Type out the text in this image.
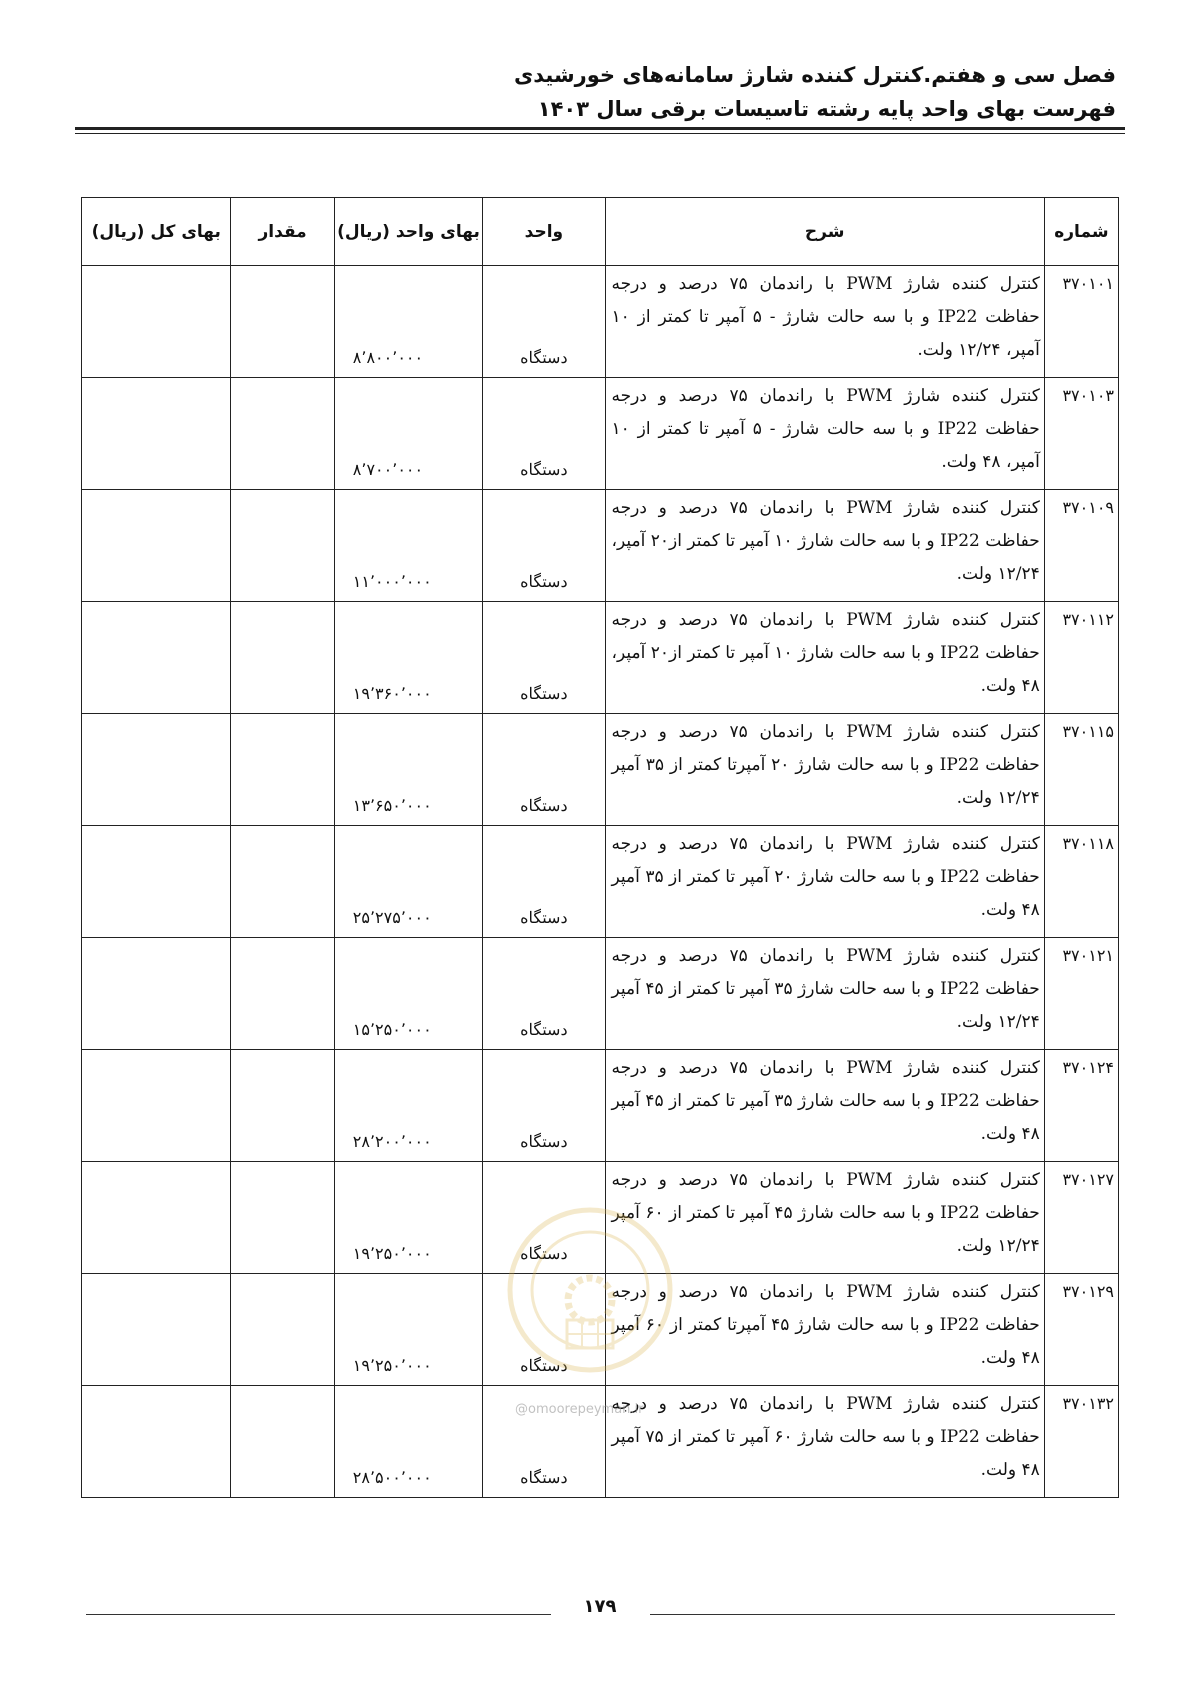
فصل سی و هفتم.کنترل کننده شارژ سامانه‌های خورشیدی
فهرست بهای واحد پایه رشته تاسیسات برقی سال ۱۴۰۳
شماره	شرح	واحد	بهای واحد (ریال)	مقدار	بهای کل (ریال)
۳۷۰۱۰۱	کنترل کننده شارژ PWM با راندمان ۷۵ درصد و درجه حفاظت IP22 و با سه حالت شارژ - ۵ آمپر تا کمتر از ۱۰ آمپر، ۱۲/۲۴ ولت.	دستگاه	۸٬۸۰۰٬۰۰۰		
۳۷۰۱۰۳	کنترل کننده شارژ PWM با راندمان ۷۵ درصد و درجه حفاظت IP22 و با سه حالت شارژ - ۵ آمپر تا کمتر از ۱۰ آمپر، ۴۸ ولت.	دستگاه	۸٬۷۰۰٬۰۰۰		
۳۷۰۱۰۹	کنترل کننده شارژ PWM با راندمان ۷۵ درصد و درجه حفاظت IP22 و با سه حالت شارژ ۱۰ آمپر تا کمتر از۲۰ آمپر، ۱۲/۲۴ ولت.	دستگاه	۱۱٬۰۰۰٬۰۰۰		
۳۷۰۱۱۲	کنترل کننده شارژ PWM با راندمان ۷۵ درصد و درجه حفاظت IP22 و با سه حالت شارژ ۱۰ آمپر تا کمتر از۲۰ آمپر، ۴۸ ولت.	دستگاه	۱۹٬۳۶۰٬۰۰۰		
۳۷۰۱۱۵	کنترل کننده شارژ PWM با راندمان ۷۵ درصد و درجه حفاظت IP22 و با سه حالت شارژ ۲۰ آمپرتا کمتر از ۳۵ آمپر ۱۲/۲۴ ولت.	دستگاه	۱۳٬۶۵۰٬۰۰۰		
۳۷۰۱۱۸	کنترل کننده شارژ PWM با راندمان ۷۵ درصد و درجه حفاظت IP22 و با سه حالت شارژ ۲۰ آمپر تا کمتر از ۳۵ آمپر ۴۸ ولت.	دستگاه	۲۵٬۲۷۵٬۰۰۰		
۳۷۰۱۲۱	کنترل کننده شارژ PWM با راندمان ۷۵ درصد و درجه حفاظت IP22 و با سه حالت شارژ ۳۵ آمپر تا کمتر از ۴۵ آمپر ۱۲/۲۴ ولت.	دستگاه	۱۵٬۲۵۰٬۰۰۰		
۳۷۰۱۲۴	کنترل کننده شارژ PWM با راندمان ۷۵ درصد و درجه حفاظت IP22 و با سه حالت شارژ ۳۵ آمپر تا کمتر از ۴۵ آمپر ۴۸ ولت.	دستگاه	۲۸٬۲۰۰٬۰۰۰		
۳۷۰۱۲۷	کنترل کننده شارژ PWM با راندمان ۷۵ درصد و درجه حفاظت IP22 و با سه حالت شارژ ۴۵ آمپر تا کمتر از ۶۰ آمپر ۱۲/۲۴ ولت.	دستگاه	۱۹٬۲۵۰٬۰۰۰		
۳۷۰۱۲۹	کنترل کننده شارژ PWM با راندمان ۷۵ درصد و درجه حفاظت IP22 و با سه حالت شارژ ۴۵ آمپرتا کمتر از ۶۰ آمپر ۴۸ ولت.	دستگاه	۱۹٬۲۵۰٬۰۰۰		
۳۷۰۱۳۲	کنترل کننده شارژ PWM با راندمان ۷۵ درصد و درجه حفاظت IP22 و با سه حالت شارژ ۶۰ آمپر تا کمتر از ۷۵ آمپر ۴۸ ولت.	دستگاه	۲۸٬۵۰۰٬۰۰۰		
@omoorepeyman.ir
۱۷۹
